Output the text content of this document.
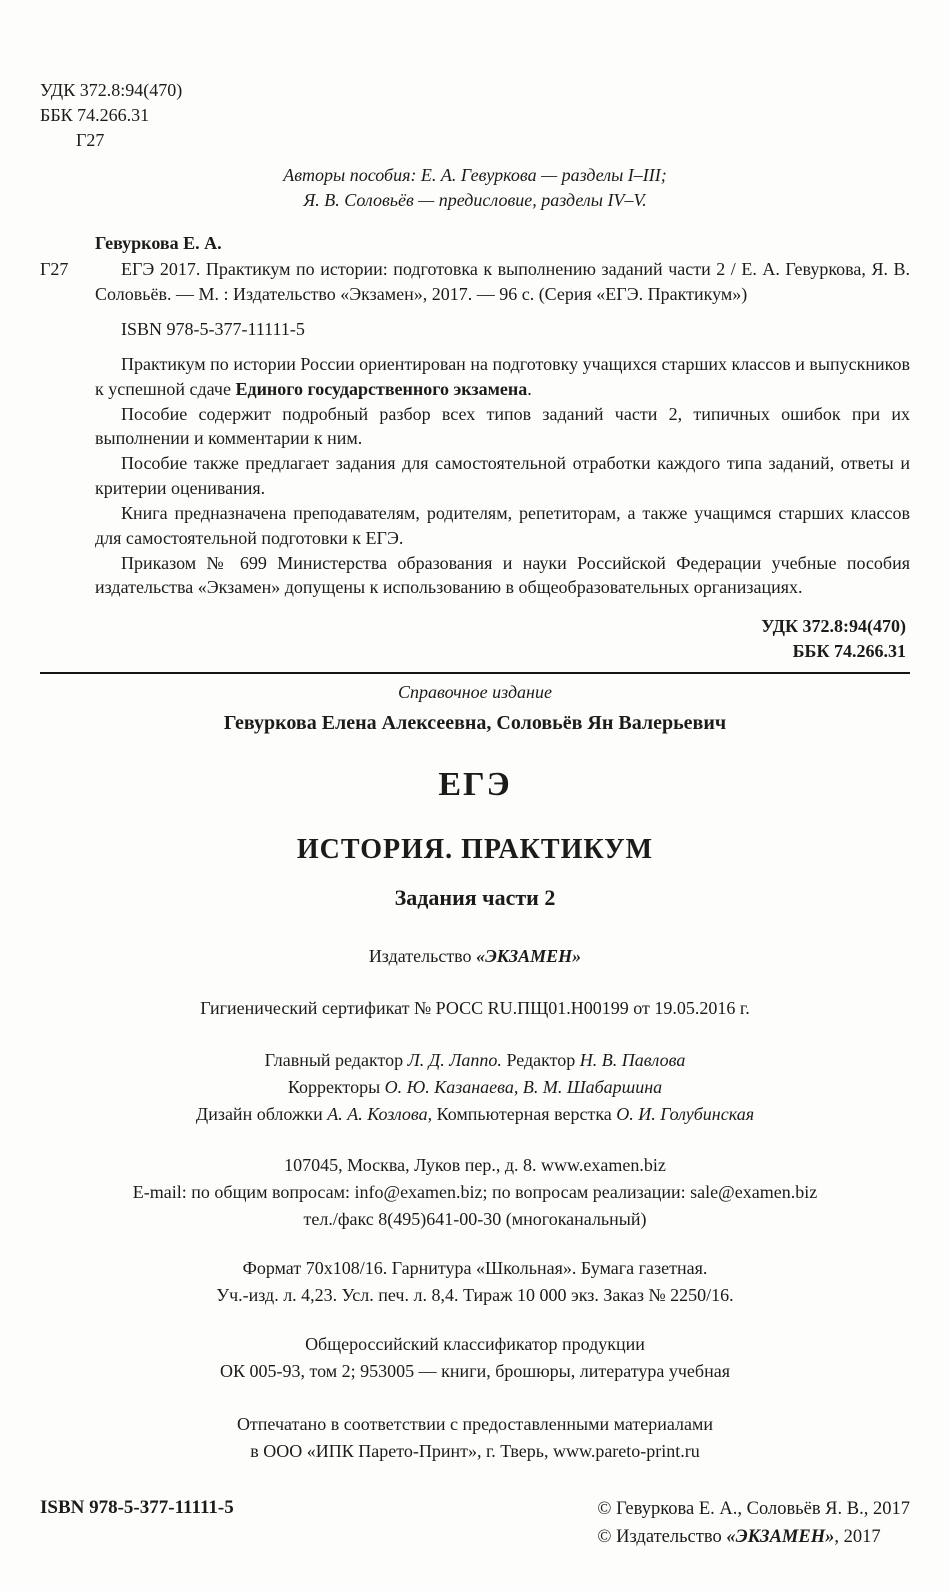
УДК 372.8:94(470)
ББК 74.266.31
Г27
Авторы пособия: Е. А. Гевуркова — разделы I–III;
Я. В. Соловьёв — предисловие, разделы IV–V.
Гевуркова Е. А.
Г27	ЕГЭ 2017. Практикум по истории: подготовка к выполнению заданий части 2 / Е. А. Гевуркова, Я. В. Соловьёв. — М. : Издательство «Экзамен», 2017. — 96 с. (Серия «ЕГЭ. Практикум»)

ISBN 978-5-377-11111-5

Практикум по истории России ориентирован на подготовку учащихся старших классов и выпускников к успешной сдаче Единого государственного экзамена.

Пособие содержит подробный разбор всех типов заданий части 2, типичных ошибок при их выполнении и комментарии к ним.

Пособие также предлагает задания для самостоятельной отработки каждого типа заданий, ответы и критерии оценивания.

Книга предназначена преподавателям, родителям, репетиторам, а также учащимся старших классов для самостоятельной подготовки к ЕГЭ.

Приказом № 699 Министерства образования и науки Российской Федерации учебные пособия издательства «Экзамен» допущены к использованию в общеобразовательных организациях.

УДК 372.8:94(470)
ББК 74.266.31
Справочное издание
Гевуркова Елена Алексеевна, Соловьёв Ян Валерьевич
ЕГЭ
ИСТОРИЯ. ПРАКТИКУМ
Задания части 2
Издательство «ЭКЗАМЕН»
Гигиенический сертификат № РОСС RU.ПЩ01.Н00199 от 19.05.2016 г.
Главный редактор Л. Д. Лаппо. Редактор Н. В. Павлова
Корректоры О. Ю. Казанаева, В. М. Шабаршина
Дизайн обложки А. А. Козлова, Компьютерная верстка О. И. Голубинская
107045, Москва, Луков пер., д. 8. www.examen.biz
E-mail: по общим вопросам: info@examen.biz; по вопросам реализации: sale@examen.biz
тел./факс 8(495)641-00-30 (многоканальный)
Формат 70x108/16. Гарнитура «Школьная». Бумага газетная.
Уч.-изд. л. 4,23. Усл. печ. л. 8,4. Тираж 10 000 экз. Заказ № 2250/16.
Общероссийский классификатор продукции
ОК 005-93, том 2; 953005 — книги, брошюры, литература учебная
Отпечатано в соответствии с предоставленными материалами
в ООО «ИПК Парето-Принт», г. Тверь, www.pareto-print.ru
ISBN 978-5-377-11111-5	© Гевуркова Е. А., Соловьёв Я. В., 2017
© Издательство «ЭКЗАМЕН», 2017
